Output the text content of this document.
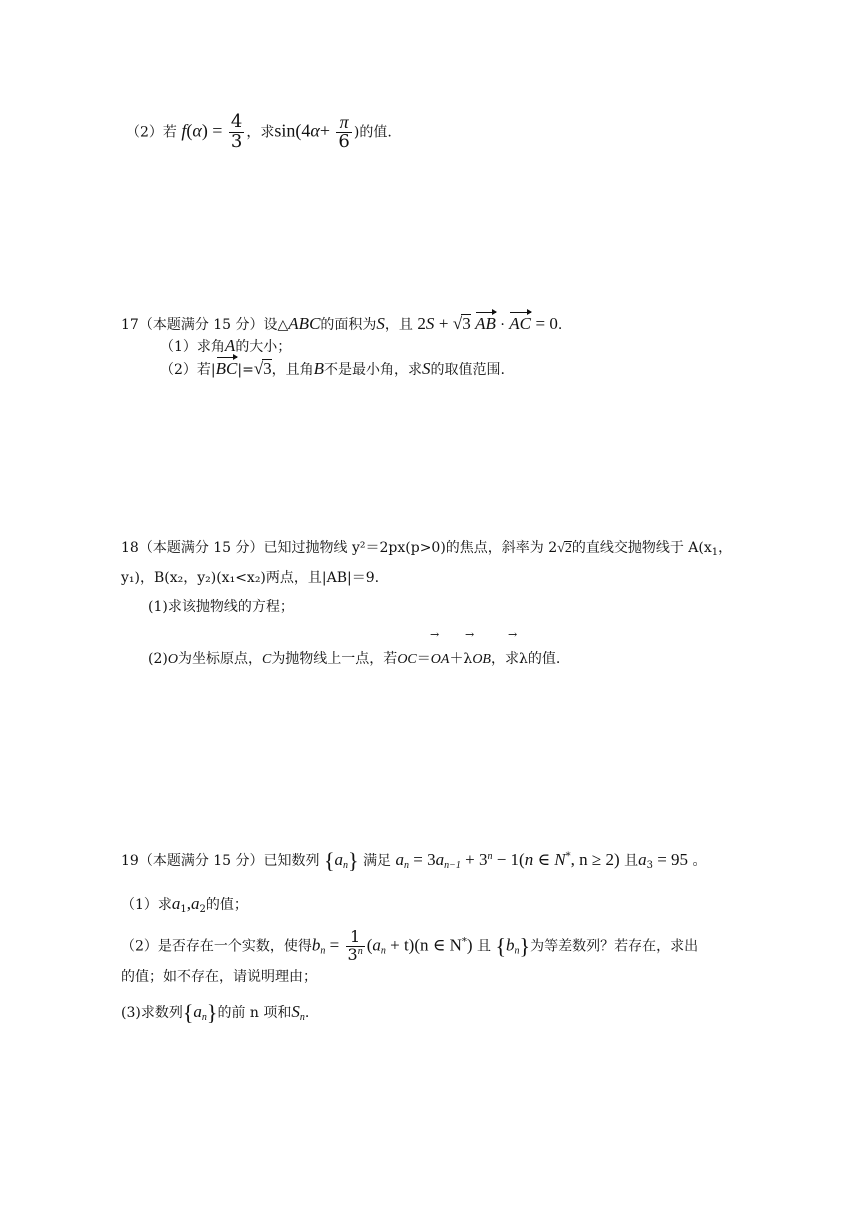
（2）若 $f(\alpha) = \frac{4}{3}$ ，求$\sin(4\alpha+ \frac{\pi}{6}$ )的值.
17（本题满分 15 分）设△ABC的面积为S，且 2S + √3 AB · AC = 0.
（1）求角A的大小；
（2）若|BC|=√3，且角B不是最小角，求S的取值范围.
18（本题满分 15 分）已知过抛物线 y²＝2px(p>0)的焦点，斜率为 2√2的直线交抛物线于 $A(x_1$，
y₁)，B(x₂，y₂)(x₁<x₂)两点，且|AB|＝9.
(1)求该抛物线的方程；
→ →	→
(2)O为坐标原点，C为抛物线上一点，若OC＝OA＋λOB，求λ的值.
19（本题满分 15 分）已知数列 $\{a_n\}$ 满足 $a_n = 3a_{n-1} + 3^n - 1(n$ ∈ N*, n ≥ 2) 且$a_3 = 95$ 。
（1）求$a_1,a_2$的值；
（2）是否存在一个实数，使得$b_n = \frac{1}{3^n} (a_n + t)(n$ ∈ N*) 且 $\{b_n\}$为等差数列？若存在，求出
的值；如不存在，请说明理由；
(3)求数列$\{a_n\}$的前 n 项和$S_n$.
